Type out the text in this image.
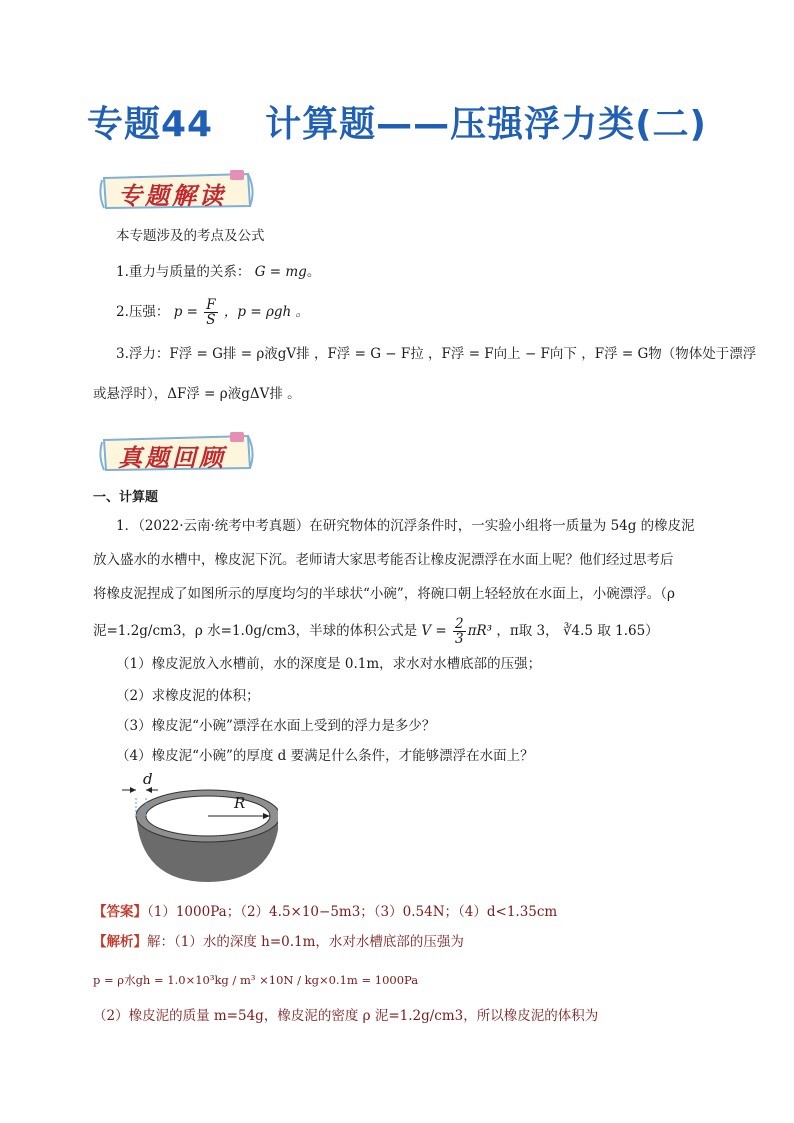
专题44 计算题——压强浮力类(二)
专题解读
本专题涉及的考点及公式
1.重力与质量的关系： G = mg。
2.压强： $p = \frac{F}{S}$ ，p = ρgh 。
3.浮力：F浮 = G排 = ρ液gV排 ，F浮 = G − F拉 ，F浮 = F向上 − F向下 ，F浮 = G物（物体处于漂浮
或悬浮时），ΔF浮 = ρ液gΔV排 。
真题回顾
一、计算题
1．（2022·云南·统考中考真题）在研究物体的沉浮条件时，一实验小组将一质量为 54g 的橡皮泥
放入盛水的水槽中，橡皮泥下沉。老师请大家思考能否让橡皮泥漂浮在水面上呢？他们经过思考后
将橡皮泥捏成了如图所示的厚度均匀的半球状“小碗”，将碗口朝上轻轻放在水面上，小碗漂浮。（ρ
泥=1.2g/cm3，ρ 水=1.0g/cm3，半球的体积公式是 $V = \frac{2}{3} \pi R^3$ ，π取 3， ∛4.5 取 1.65）
（1）橡皮泥放入水槽前，水的深度是 0.1m，求水对水槽底部的压强；
（2）求橡皮泥的体积；
（3）橡皮泥“小碗”漂浮在水面上受到的浮力是多少？
（4）橡皮泥“小碗”的厚度 d 要满足什么条件，才能够漂浮在水面上？
d
R
【答案】（1）1000Pa；（2）4.5×10−5m3；（3）0.54N；（4）d<1.35cm
【解析】解：（1）水的深度 h=0.1m，水对水槽底部的压强为
p = ρ水gh = 1.0×10³kg / m³ ×10N / kg×0.1m = 1000Pa
（2）橡皮泥的质量 m=54g，橡皮泥的密度 ρ 泥=1.2g/cm3，所以橡皮泥的体积为
